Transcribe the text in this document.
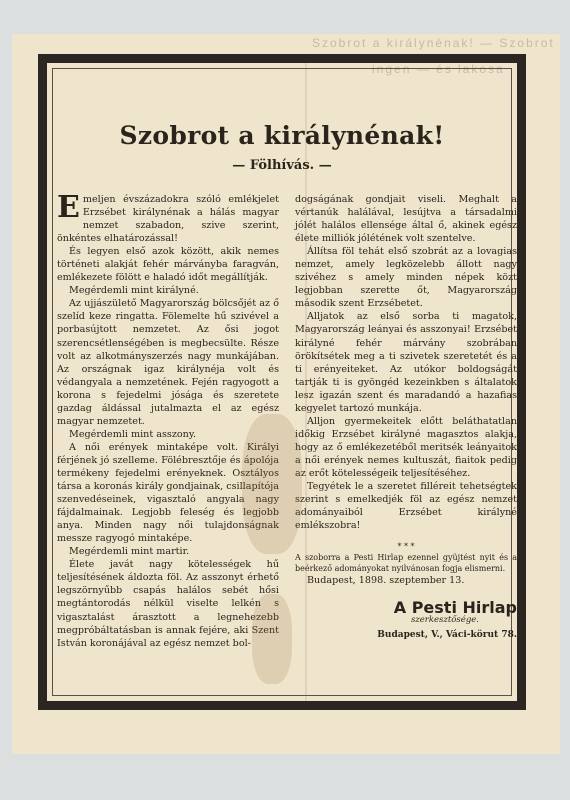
Szobrot a királynénak! — Szobrot
ingen — és lakosa
Szobrot a királynénak!
— Fölhívás. —

Emeljen évszázadokra szóló emlékjelet Erzsébet királynénak a hálás magyar nemzet szabadon, szive szerint, önkéntes elhatározással!

És legyen első azok között, akik nemes történeti alakját fehér márványba faragván, emlékezete fölött e haladó időt megállítják.

Megérdemli mint királyné.

Az ujjászülető Magyarország bölcsőjét az ő szelíd keze ringatta. Fölemelte hű szivével a porbasújtott nemzetet. Az ősi jogot szerencsétlenségében is megbecsülte. Része volt az alkotmányszerzés nagy munkájában. Az országnak igaz királynéja volt és védangyala a nemzetének. Fején ragyogott a korona s fejedelmi jósága és szeretete gazdag áldással jutalmazta el az egész magyar nemzetet.

Megérdemli mint asszony.

A női erények mintaképe volt. Királyi férjének jó szelleme. Fölébresztője és ápolója termékeny fejedelmi erényeknek. Osztályos társa a koronás király gondjainak, csillapítója szenvedéseinek, vigasztaló angyala nagy fájdalmainak. Legjobb feleség és legjobb anya. Minden nagy női tulajdonságnak messze ragyogó mintaképe.

Megérdemli mint martir.

Élete javát nagy kötelességek hű teljesítésének áldozta föl. Az asszonyt érhető legszörnyűbb csapás halálos sebét hősi megtántorodás nélkül viselte lelkén s vigasztalást árasztott a legnehezebb megpróbáltatásban is annak fejére, aki Szent István koronájával az egész nemzet bol-

dogságának gondjait viseli. Meghalt a vértanúk halálával, lesújtva a társadalmi jólét halálos ellensége által ő, akinek egész élete milliók jólétének volt szentelve.

Állítsa föl tehát első szobrát az a lovagias nemzet, amely legközelebb állott nagy szivéhez s amely minden népek közt legjobban szerette őt, Magyarország második szent Erzsébetet.

Alljatok az első sorba ti magatok, Magyarország leányai és asszonyai! Erzsébet királyné fehér márvány szobrában örökítsétek meg a ti szivetek szeretetét és a ti erényeiteket. Az utókor boldogságát tartják ti is gyöngéd kezeinkben s általatok lesz igazán szent és maradandó a hazafias kegyelet tartozó munkája.

Alljon gyermekeitek előtt beláthatatlan időkig Erzsébet királyné magasztos alakja, hogy az ő emlékezetéből meritsék leányaitok a női erények nemes kultuszát, fiaitok pedig az erőt kötelességeik teljesítéséhez.

Tegyétek le a szeretet filléreit tehetségtek szerint s emelkedjék föl az egész nemzet adományaiból Erzsébet királyné emlékszobra!

* * *

A szoborra a Pesti Hirlap ezennel gyüjtést nyit és a beérkező adományokat nyilvánosan fogja elismerni.

Budapest, 1898. szeptember 13.

A Pesti Hirlap
szerkesztősége.
Budapest, V., Váci-körut 78.
